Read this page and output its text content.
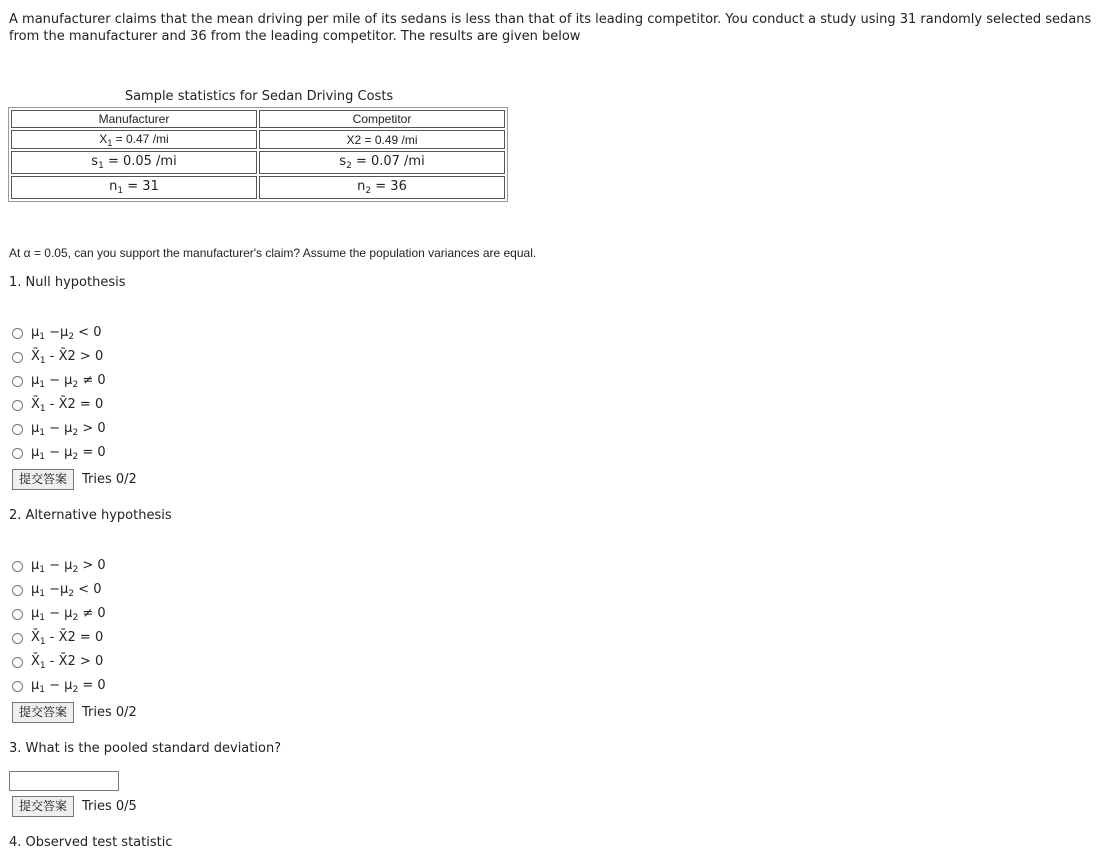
A manufacturer claims that the mean driving per mile of its sedans is less than that of its leading competitor. You conduct a study using 31 randomly selected sedans from the manufacturer and 36 from the leading competitor. The results are given below
Sample statistics for Sedan Driving Costs
Manufacturer	Competitor
$X_1 = 0.47$ /mi	X2 = 0.49 /mi
$s_1 = 0.05$ /mi	$s_2 = 0.07$ /mi
$n_1 = 31$	$n_2 = 36$
At α = 0.05, can you support the manufacturer's claim? Assume the population variances are equal.
1. Null hypothesis
$\mu_1 -\mu_2 < 0$
$X̄_1$ - X̄2 > 0
$\mu_1 - \mu_2 \ne 0$
$X̄_1$ - X̄2 = 0
$\mu_1 - \mu_2 > 0$
$\mu_1 - \mu_2 = 0$
提交答案	Tries 0/2
2. Alternative hypothesis
$\mu_1 - \mu_2 > 0$
$\mu_1 -\mu_2 < 0$
$\mu_1 - \mu_2 \ne 0$
$X̄_1$ - X̄2 = 0
$X̄_1$ - X̄2 > 0
$\mu_1 - \mu_2 = 0$
提交答案	Tries 0/2
3. What is the pooled standard deviation?
提交答案	Tries 0/5
4. Observed test statistic
